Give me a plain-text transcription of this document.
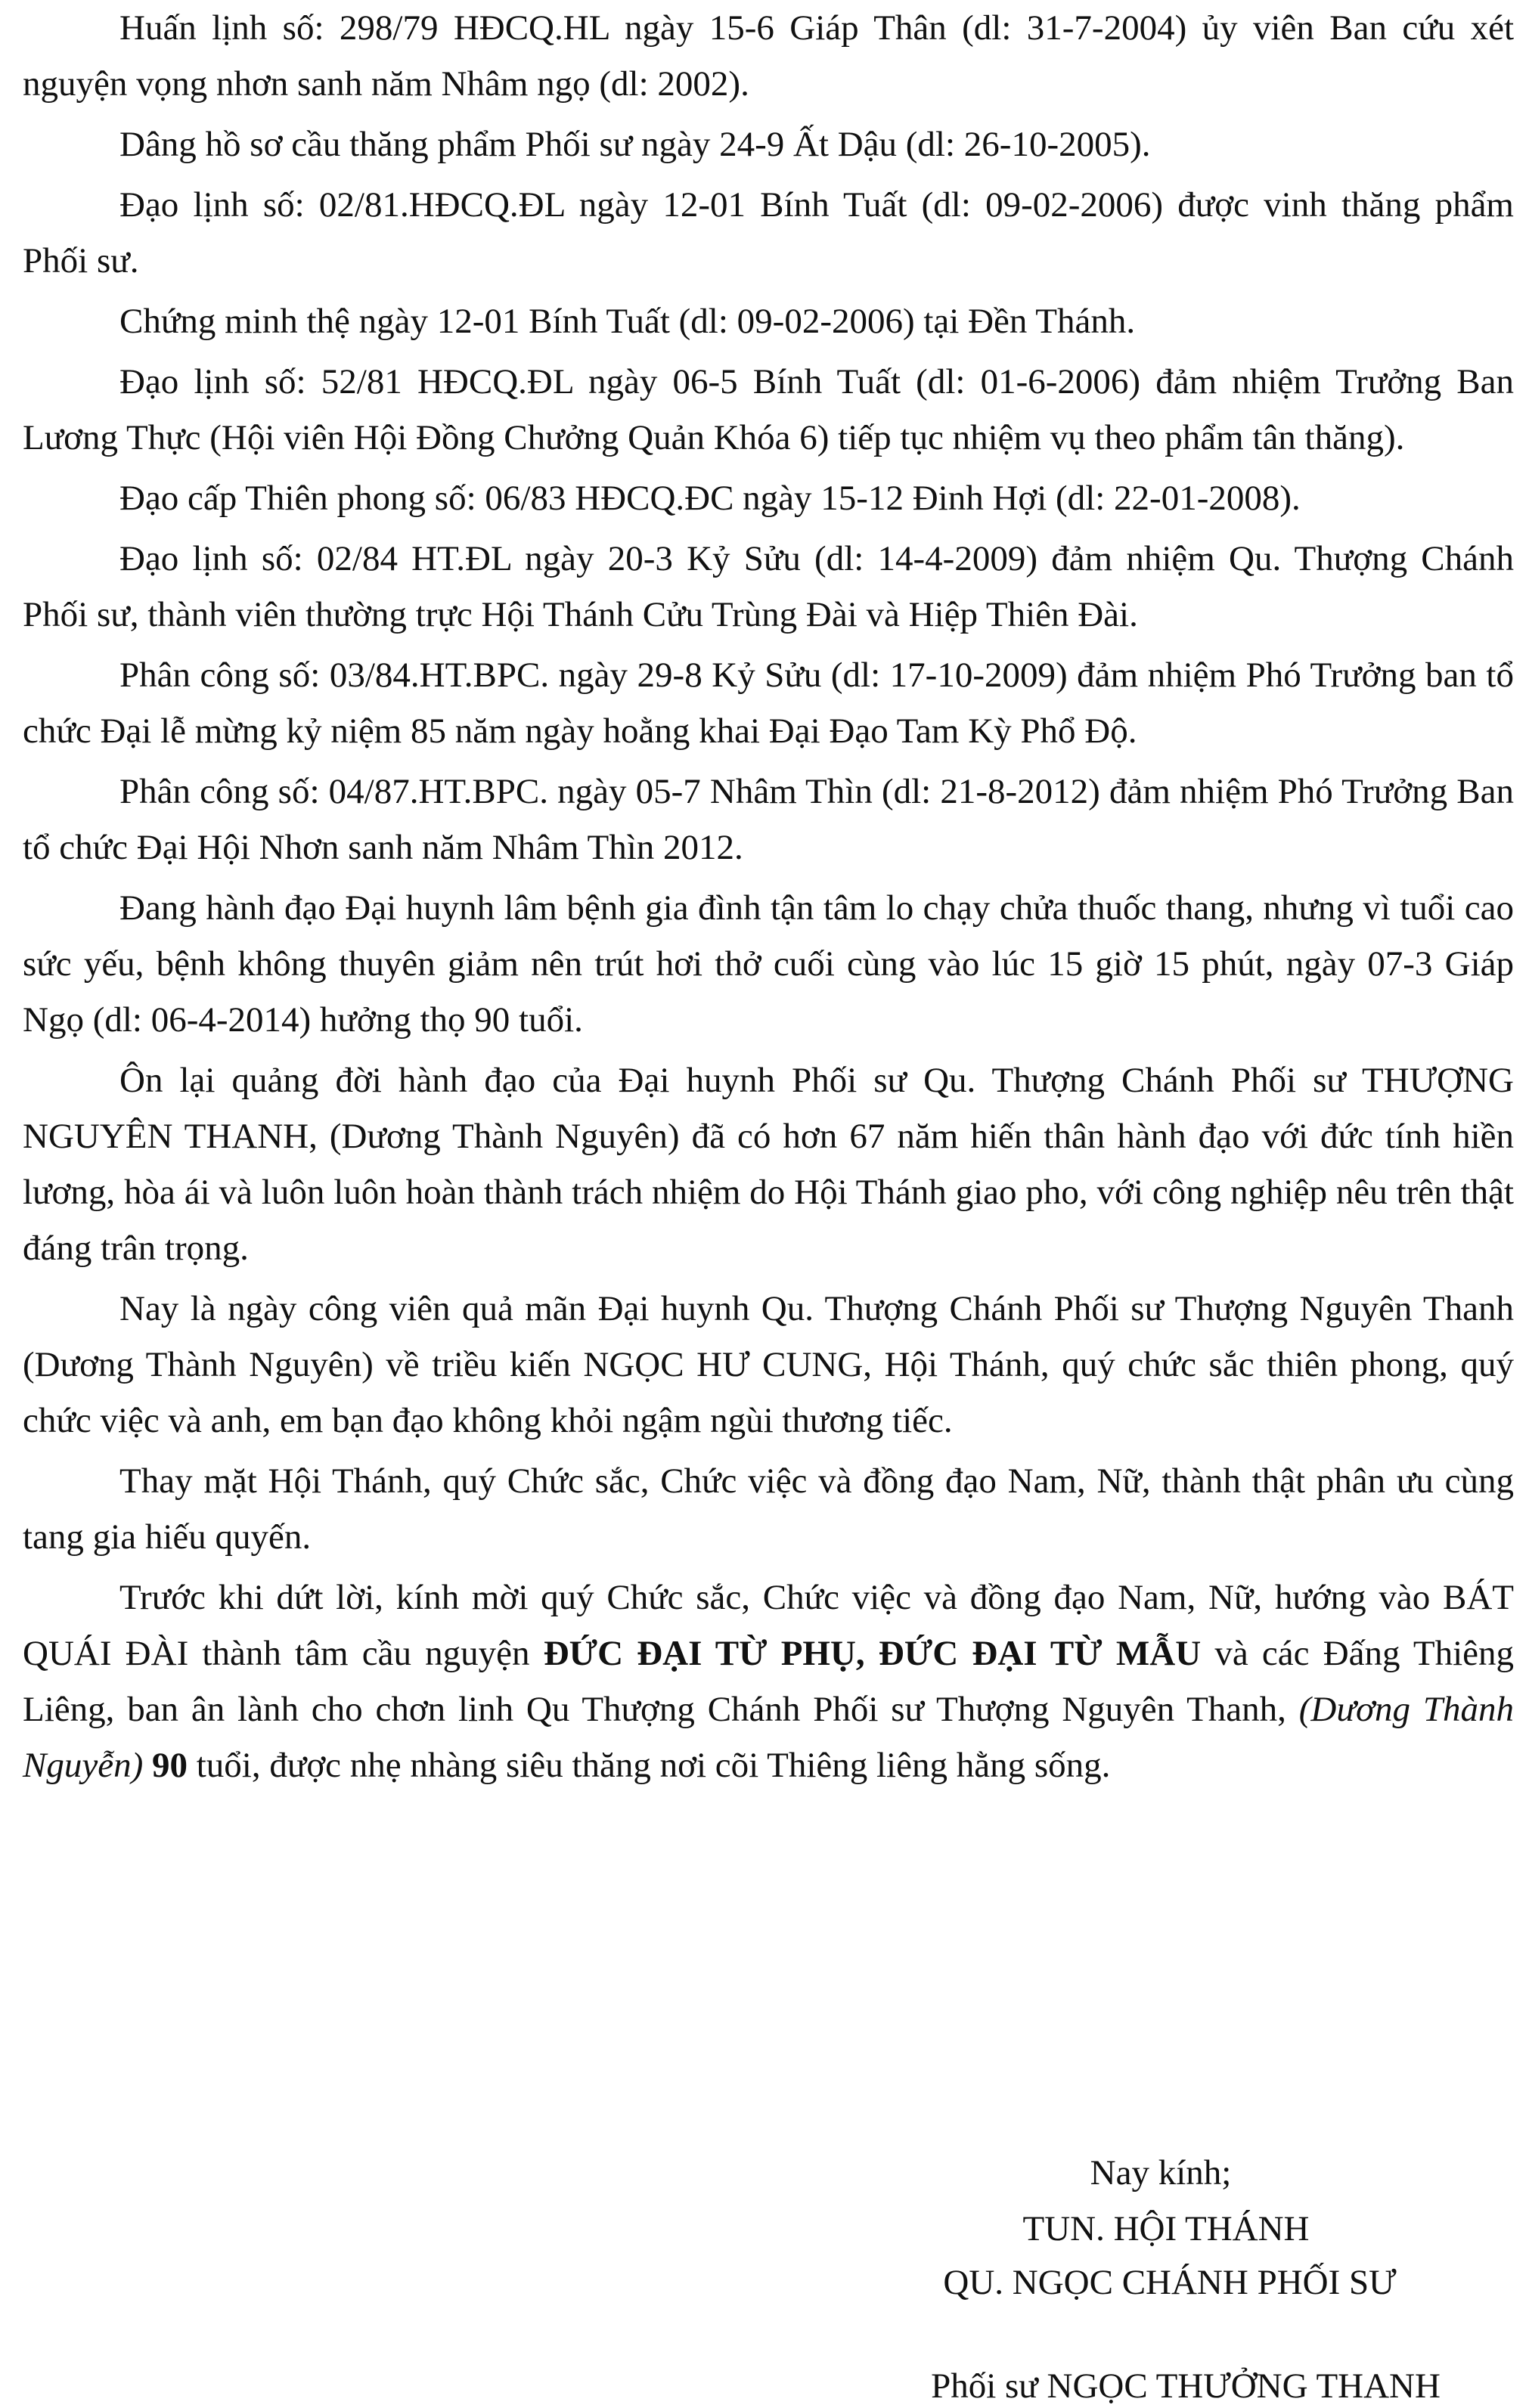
Huấn lịnh số: 298/79 HĐCQ.HL ngày 15-6 Giáp Thân (dl: 31-7-2004) ủy viên Ban cứu xét nguyện vọng nhơn sanh năm Nhâm ngọ (dl: 2002).

Dâng hồ sơ cầu thăng phẩm Phối sư ngày 24-9 Ất Dậu (dl: 26-10-2005).

Đạo lịnh số: 02/81.HĐCQ.ĐL ngày 12-01 Bính Tuất (dl: 09-02-2006) được vinh thăng phẩm Phối sư.

Chứng minh thệ ngày 12-01 Bính Tuất (dl: 09-02-2006) tại Đền Thánh.

Đạo lịnh số: 52/81 HĐCQ.ĐL ngày 06-5 Bính Tuất (dl: 01-6-2006) đảm nhiệm Trưởng Ban Lương Thực (Hội viên Hội Đồng Chưởng Quản Khóa 6) tiếp tục nhiệm vụ theo phẩm tân thăng).

Đạo cấp Thiên phong số: 06/83 HĐCQ.ĐC ngày 15-12 Đinh Hợi (dl: 22-01-2008).

Đạo lịnh số: 02/84 HT.ĐL ngày 20-3 Kỷ Sửu (dl: 14-4-2009) đảm nhiệm Qu. Thượng Chánh Phối sư, thành viên thường trực Hội Thánh Cửu Trùng Đài và Hiệp Thiên Đài.

Phân công số: 03/84.HT.BPC. ngày 29-8 Kỷ Sửu (dl: 17-10-2009) đảm nhiệm Phó Trưởng ban tổ chức Đại lễ mừng kỷ niệm 85 năm ngày hoằng khai Đại Đạo Tam Kỳ Phổ Độ.

Phân công số: 04/87.HT.BPC. ngày 05-7 Nhâm Thìn (dl: 21-8-2012) đảm nhiệm Phó Trưởng Ban tổ chức Đại Hội Nhơn sanh năm Nhâm Thìn 2012.

Đang hành đạo Đại huynh lâm bệnh gia đình tận tâm lo chạy chửa thuốc thang, nhưng vì tuổi cao sức yếu, bệnh không thuyên giảm nên trút hơi thở cuối cùng vào lúc 15 giờ 15 phút, ngày 07-3 Giáp Ngọ (dl: 06-4-2014) hưởng thọ 90 tuổi.

Ôn lại quảng đời hành đạo của Đại huynh Phối sư Qu. Thượng Chánh Phối sư THƯỢNG NGUYÊN THANH, (Dương Thành Nguyên) đã có hơn 67 năm hiến thân hành đạo với đức tính hiền lương, hòa ái và luôn luôn hoàn thành trách nhiệm do Hội Thánh giao pho, với công nghiệp nêu trên thật đáng trân trọng.

Nay là ngày công viên quả mãn Đại huynh Qu. Thượng Chánh Phối sư Thượng Nguyên Thanh (Dương Thành Nguyên) về triều kiến NGỌC HƯ CUNG, Hội Thánh, quý chức sắc thiên phong, quý chức việc và anh, em bạn đạo không khỏi ngậm ngùi thương tiếc.

Thay mặt Hội Thánh, quý Chức sắc, Chức việc và đồng đạo Nam, Nữ, thành thật phân ưu cùng tang gia hiếu quyến.

Trước khi dứt lời, kính mời quý Chức sắc, Chức việc và đồng đạo Nam, Nữ, hướng vào BÁT QUÁI ĐÀI thành tâm cầu nguyện ĐỨC ĐẠI TỪ PHỤ, ĐỨC ĐẠI TỪ MẪU và các Đấng Thiêng Liêng, ban ân lành cho chơn linh Qu Thượng Chánh Phối sư Thượng Nguyên Thanh, (Dương Thành Nguyễn) 90 tuổi, được nhẹ nhàng siêu thăng nơi cõi Thiêng liêng hằng sống.

Nay kính;
TUN. HỘI THÁNH
QU. NGỌC CHÁNH PHỐI SƯ
Phối sư NGỌC THƯỞNG THANH
